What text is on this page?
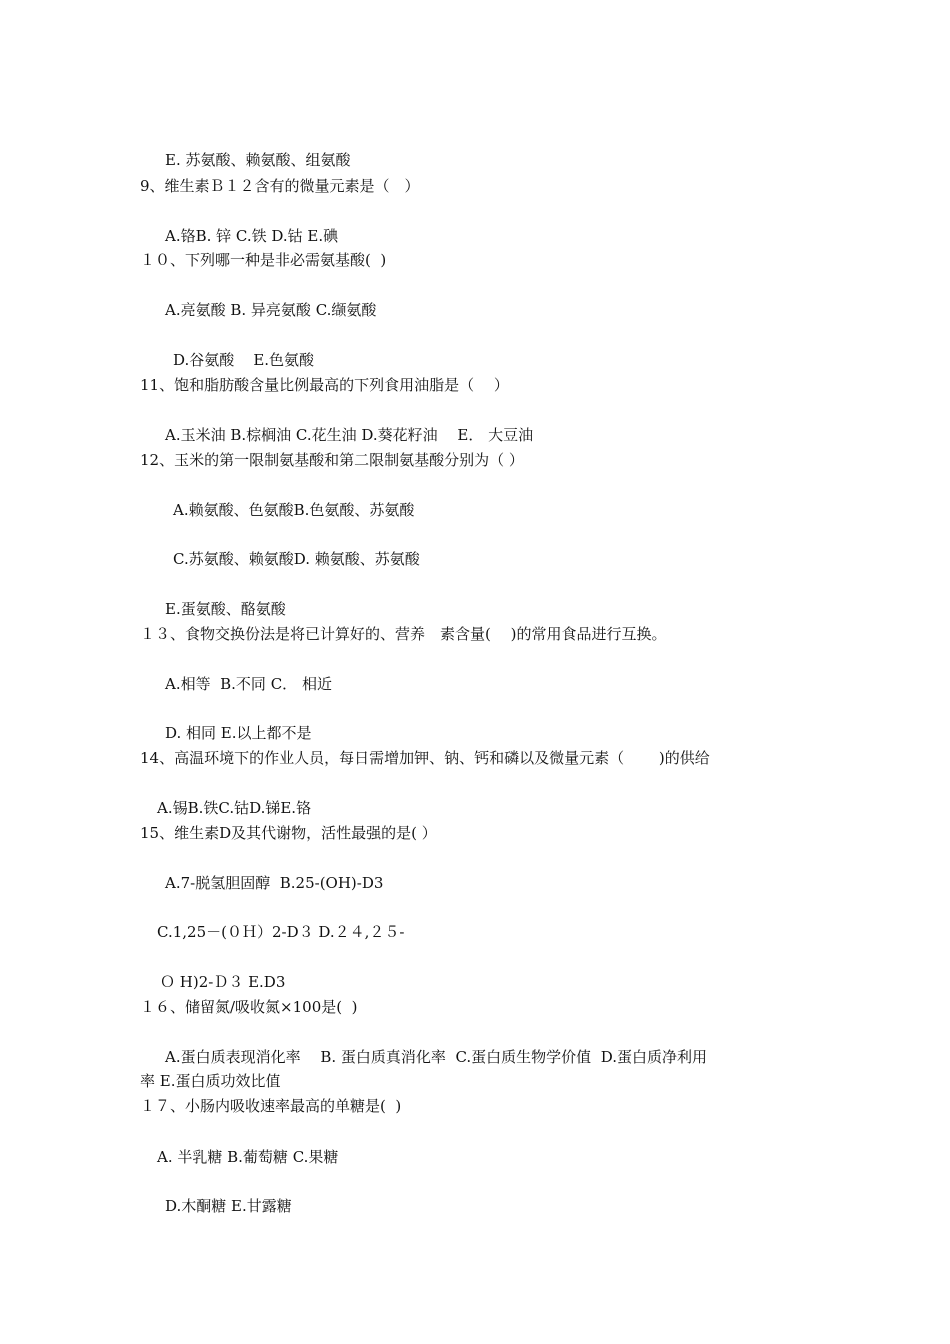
E. 苏氨酸、赖氨酸、组氨酸
9、维生素Ｂ１２含有的微量元素是（　）
A.铬B. 锌 C.铁 D.钴 E.碘
１０、下列哪一种是非必需氨基酸(  )
A.亮氨酸 B. 异亮氨酸 C.缬氨酸
D.谷氨酸    E.色氨酸
11、饱和脂肪酸含量比例最高的下列食用油脂是（　 ）
A.玉米油 B.棕榈油 C.花生油 D.葵花籽油　 E． 大豆油
12、玉米的第一限制氨基酸和第二限制氨基酸分别为（ ）
A.赖氨酸、色氨酸B.色氨酸、苏氨酸
C.苏氨酸、赖氨酸D. 赖氨酸、苏氨酸
E.蛋氨酸、酪氨酸
１３、食物交换份法是将已计算好的、营养　素含量(　 )的常用食品进行互换。
A.相等  B.不同 C． 相近
D. 相同 E.以上都不是
14、高温环境下的作业人员，每日需增加钾、钠、钙和磷以及微量元素（　　 )的供给
A.锡B.铁C.钴D.锑E.铬
15、维生素D及其代谢物，活性最强的是( ）
A.7-脱氢胆固醇  B.25-(OH)-D3
C.1,25－(０Ｈ）2-D３ D.２４,２５-
Ｏ H)2-Ｄ３ E.D3
１６、储留氮/吸收氮×100是(  )
A.蛋白质表现消化率　 B. 蛋白质真消化率  C.蛋白质生物学价值  D.蛋白质净利用
率 E.蛋白质功效比值
１７、小肠内吸收速率最高的单糖是(  )
A. 半乳糖 B.葡萄糖 C.果糖
D.木酮糖 E.甘露糖
